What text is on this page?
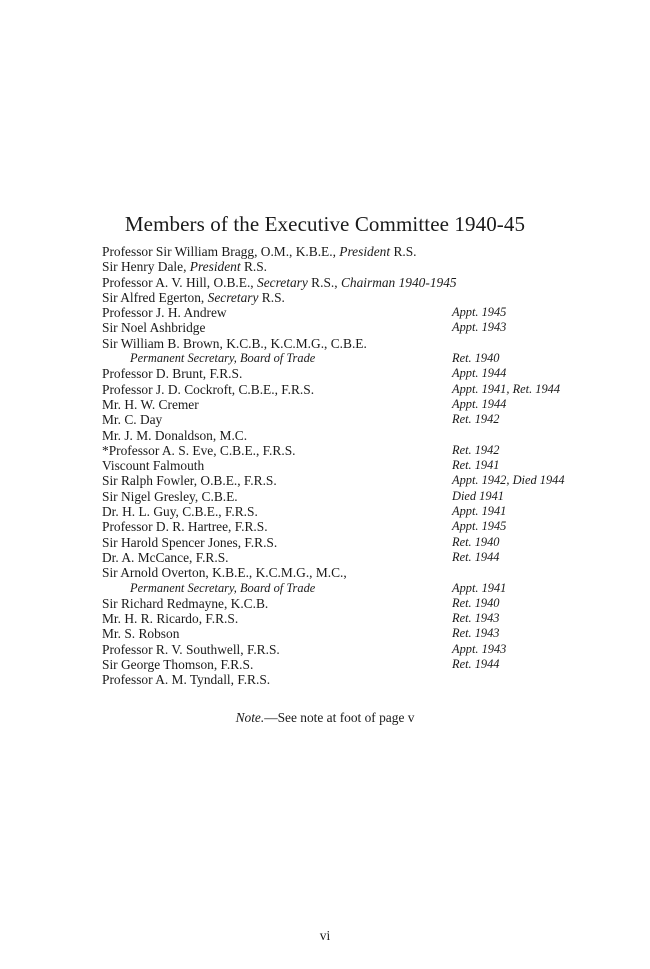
Members of the Executive Committee 1940-45
Professor Sir William Bragg, O.M., K.B.E., President R.S.
Sir Henry Dale, President R.S.
Professor A. V. Hill, O.B.E., Secretary R.S., Chairman 1940-1945
Sir Alfred Egerton, Secretary R.S.
Professor J. H. Andrew	Appt. 1945
Sir Noel Ashbridge	Appt. 1943
Sir William B. Brown, K.C.B., K.C.M.G., C.B.E.
Permanent Secretary, Board of Trade	Ret. 1940
Professor D. Brunt, F.R.S.	Appt. 1944
Professor J. D. Cockroft, C.B.E., F.R.S.	Appt. 1941, Ret. 1944
Mr. H. W. Cremer	Appt. 1944
Mr. C. Day	Ret. 1942
Mr. J. M. Donaldson, M.C.
*Professor A. S. Eve, C.B.E., F.R.S.	Ret. 1942
Viscount Falmouth	Ret. 1941
Sir Ralph Fowler, O.B.E., F.R.S.	Appt. 1942, Died 1944
Sir Nigel Gresley, C.B.E.	Died 1941
Dr. H. L. Guy, C.B.E., F.R.S.	Appt. 1941
Professor D. R. Hartree, F.R.S.	Appt. 1945
Sir Harold Spencer Jones, F.R.S.	Ret. 1940
Dr. A. McCance, F.R.S.	Ret. 1944
Sir Arnold Overton, K.B.E., K.C.M.G., M.C.,
Permanent Secretary, Board of Trade	Appt. 1941
Sir Richard Redmayne, K.C.B.	Ret. 1940
Mr. H. R. Ricardo, F.R.S.	Ret. 1943
Mr. S. Robson	Ret. 1943
Professor R. V. Southwell, F.R.S.	Appt. 1943
Sir George Thomson, F.R.S.	Ret. 1944
Professor A. M. Tyndall, F.R.S.
Note.—See note at foot of page v
vi
